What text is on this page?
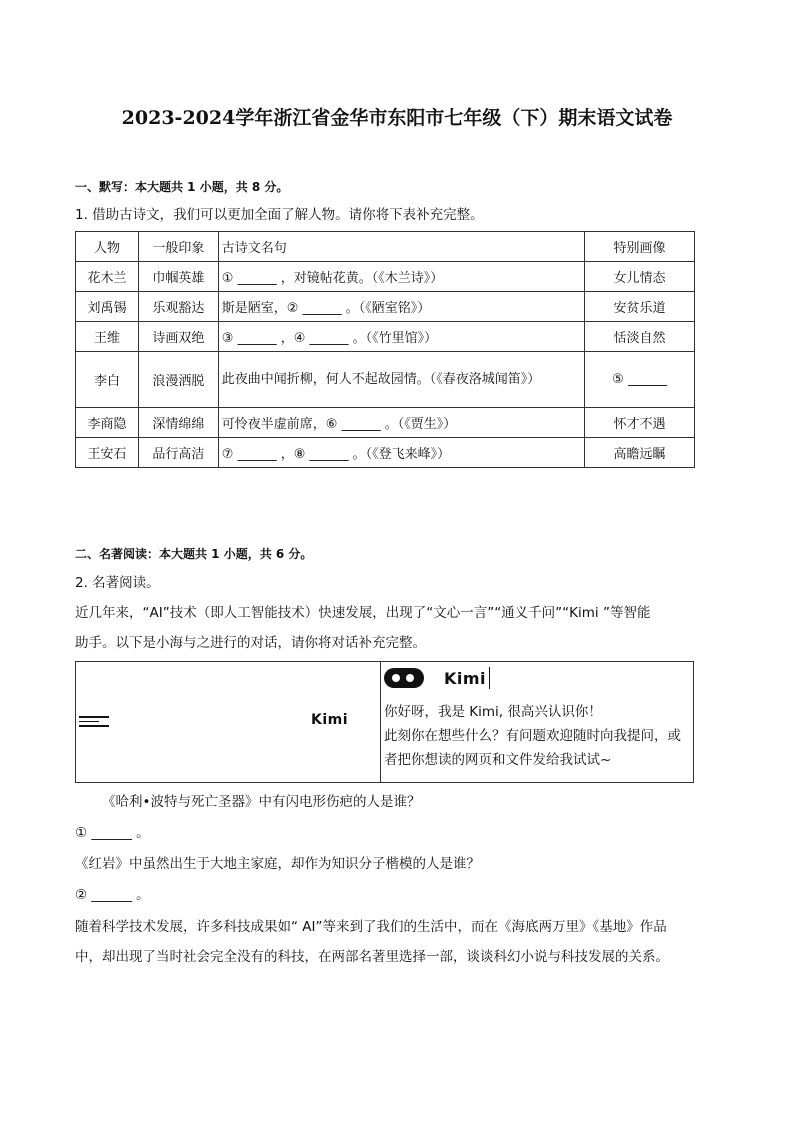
2023-2024学年浙江省金华市东阳市七年级（下）期末语文试卷
一、默写：本大题共 1 小题，共 8 分。
1. 借助古诗文，我们可以更加全面了解人物。请你将下表补充完整。
人物	一般印象	古诗文名句	特别画像
花木兰	巾帼英雄	① ______ ，对镜帖花黄。（《木兰诗》）	女儿情态
刘禹锡	乐观豁达	斯是陋室，② ______ 。（《陋室铭》）	安贫乐道
王维	诗画双绝	③ ______ ，④ ______ 。（《竹里馆》）	恬淡自然
李白	浪漫洒脱	此夜曲中闻折柳，何人不起故园情。（《春夜洛城闻笛》）	⑤ ______
李商隐	深情绵绵	可怜夜半虚前席，⑥ ______ 。（《贾生》）	怀才不遇
王安石	品行高洁	⑦ ______ ，⑧ ______ 。（《登飞来峰》）	高瞻远瞩
二、名著阅读：本大题共 1 小题，共 6 分。
2. 名著阅读。
近几年来，“AI”技术（即人工智能技术）快速发展，出现了“文心一言”“通义千问”“Kimi ”等智能
助手。以下是小海与之进行的对话，请你将对话补充完整。
Kimi
Kimi
你好呀，我是 Kimi, 很高兴认识你！
此刻你在想些什么？有问题欢迎随时向我提问，或
者把你想读的网页和文件发给我试试~
《哈利•波特与死亡圣器》中有闪电形伤疤的人是谁？
① ______ 。
《红岩》中虽然出生于大地主家庭，却作为知识分子楷模的人是谁？
② ______ 。
随着科学技术发展，许多科技成果如“ AI”等来到了我们的生活中，而在《海底两万里》《基地》作品
中，却出现了当时社会完全没有的科技，在两部名著里选择一部，谈谈科幻小说与科技发展的关系。
